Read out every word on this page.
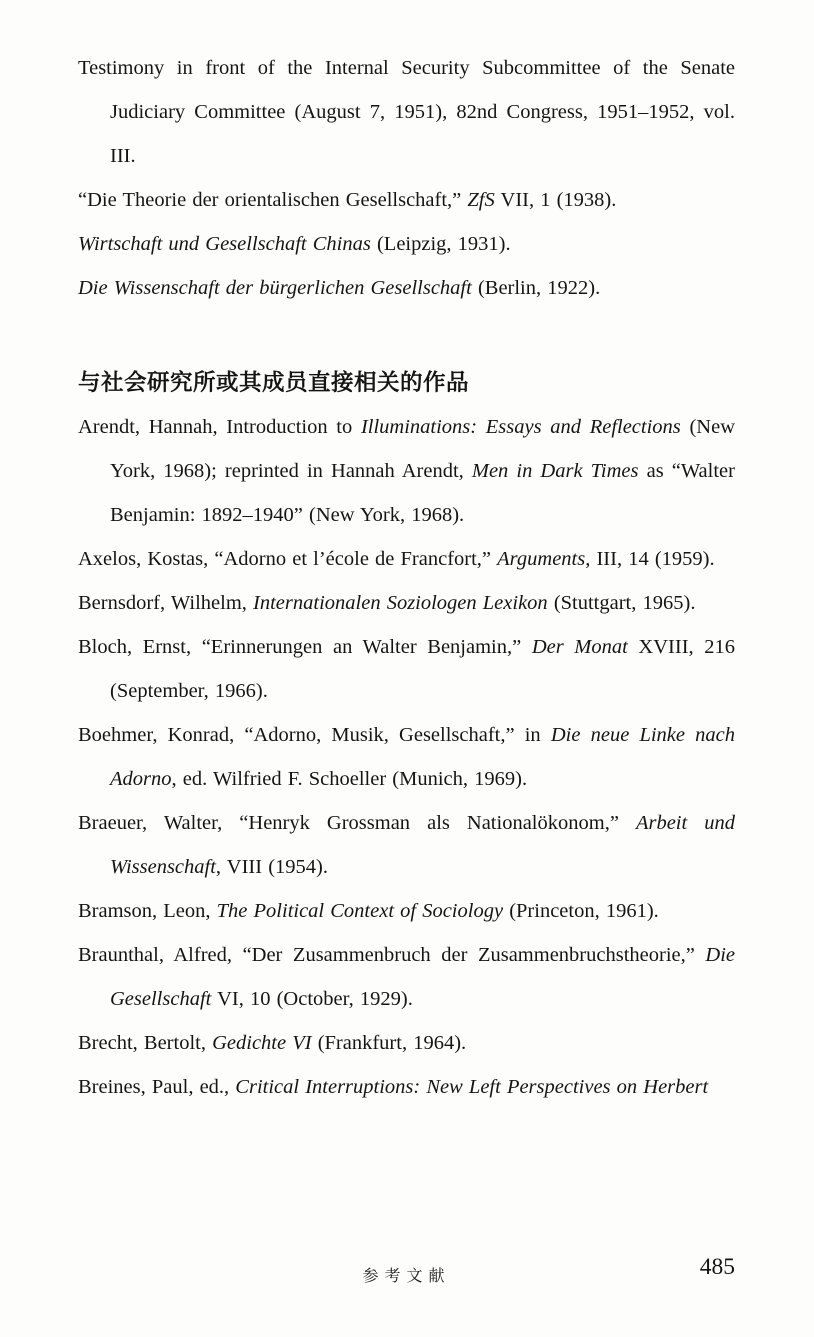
Testimony in front of the Internal Security Subcommittee of the Senate Judiciary Committee (August 7, 1951), 82nd Congress, 1951–1952, vol. III.

“Die Theorie der orientalischen Gesellschaft,” ZfS VII, 1 (1938).

Wirtschaft und Gesellschaft Chinas (Leipzig, 1931).

Die Wissenschaft der bürgerlichen Gesellschaft (Berlin, 1922).

与社会研究所或其成员直接相关的作品

Arendt, Hannah, Introduction to Illuminations: Essays and Reflections (New York, 1968); reprinted in Hannah Arendt, Men in Dark Times as “Walter Benjamin: 1892–1940” (New York, 1968).

Axelos, Kostas, “Adorno et l’école de Francfort,” Arguments, III, 14 (1959).

Bernsdorf, Wilhelm, Internationalen Soziologen Lexikon (Stuttgart, 1965).

Bloch, Ernst, “Erinnerungen an Walter Benjamin,” Der Monat XVIII, 216 (September, 1966).

Boehmer, Konrad, “Adorno, Musik, Gesellschaft,” in Die neue Linke nach Adorno, ed. Wilfried F. Schoeller (Munich, 1969).

Braeuer, Walter, “Henryk Grossman als Nationalökonom,” Arbeit und Wissenschaft, VIII (1954).

Bramson, Leon, The Political Context of Sociology (Princeton, 1961).

Braunthal, Alfred, “Der Zusammenbruch der Zusammenbruchstheorie,” Die Gesellschaft VI, 10 (October, 1929).

Brecht, Bertolt, Gedichte VI (Frankfurt, 1964).

Breines, Paul, ed., Critical Interruptions: New Left Perspectives on Herbert

参考文献	485
